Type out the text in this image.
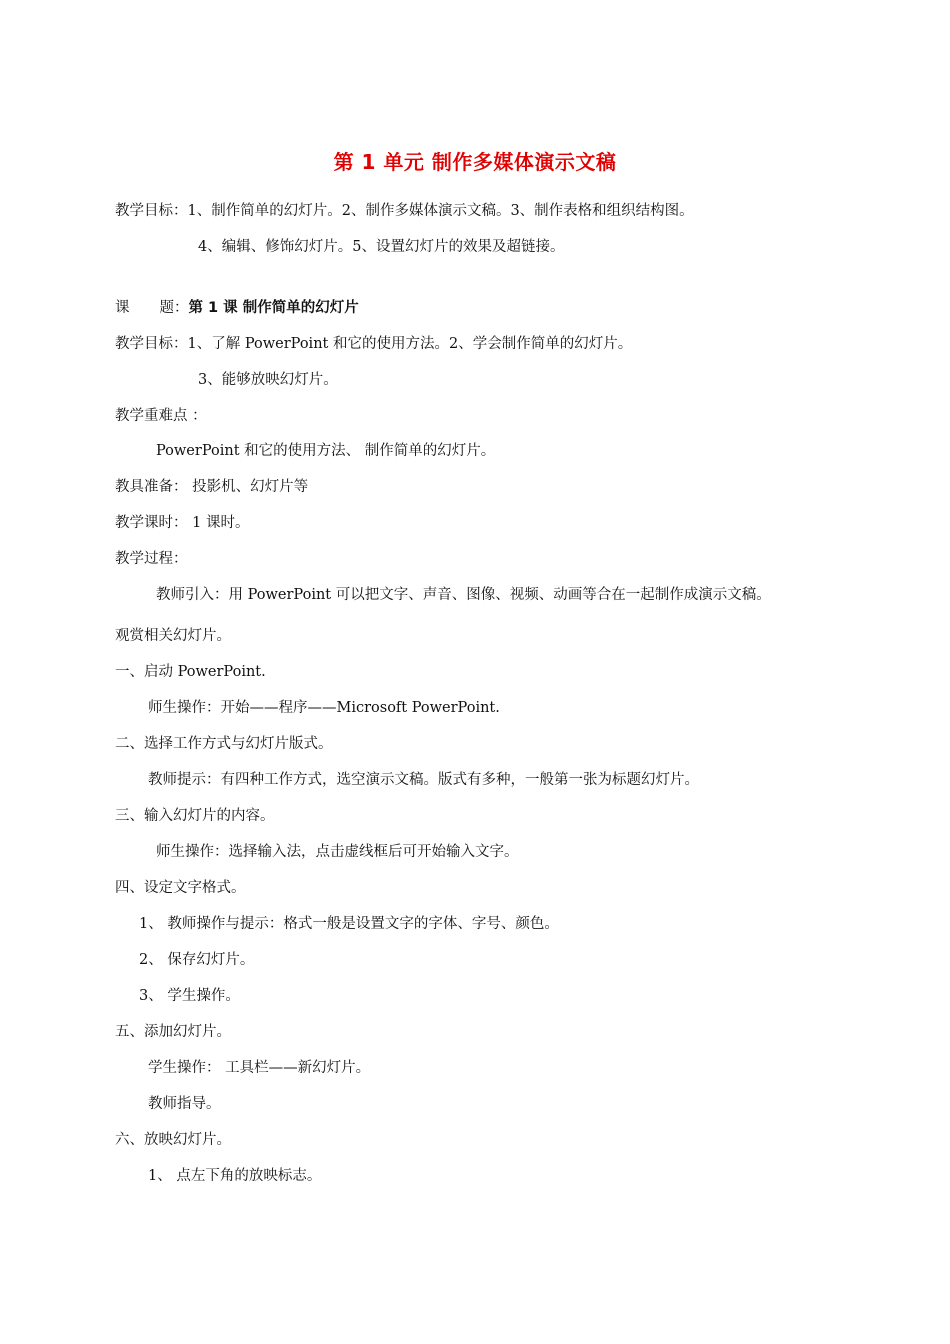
第 1 单元 制作多媒体演示文稿
教学目标：1、制作简单的幻灯片。2、制作多媒体演示文稿。3、制作表格和组织结构图。
4、编辑、修饰幻灯片。5、设置幻灯片的效果及超链接。
课 题：第 1 课 制作简单的幻灯片
教学目标：1、了解 PowerPoint 和它的使用方法。2、学会制作简单的幻灯片。
3、能够放映幻灯片。
教学重难点 ：
PowerPoint 和它的使用方法、 制作简单的幻灯片。
教具准备： 投影机、幻灯片等
教学课时： 1 课时。
教学过程：
教师引入：用 PowerPoint 可以把文字、声音、图像、视频、动画等合在一起制作成演示文稿。
观赏相关幻灯片。
一、启动 PowerPoint.
师生操作：开始——程序——Microsoft PowerPoint.
二、选择工作方式与幻灯片版式。
教师提示：有四种工作方式，选空演示文稿。版式有多种，一般第一张为标题幻灯片。
三、输入幻灯片的内容。
师生操作：选择输入法，点击虚线框后可开始输入文字。
四、设定文字格式。
1、 教师操作与提示：格式一般是设置文字的字体、字号、颜色。
2、 保存幻灯片。
3、 学生操作。
五、添加幻灯片。
学生操作： 工具栏——新幻灯片。
教师指导。
六、放映幻灯片。
1、 点左下角的放映标志。
